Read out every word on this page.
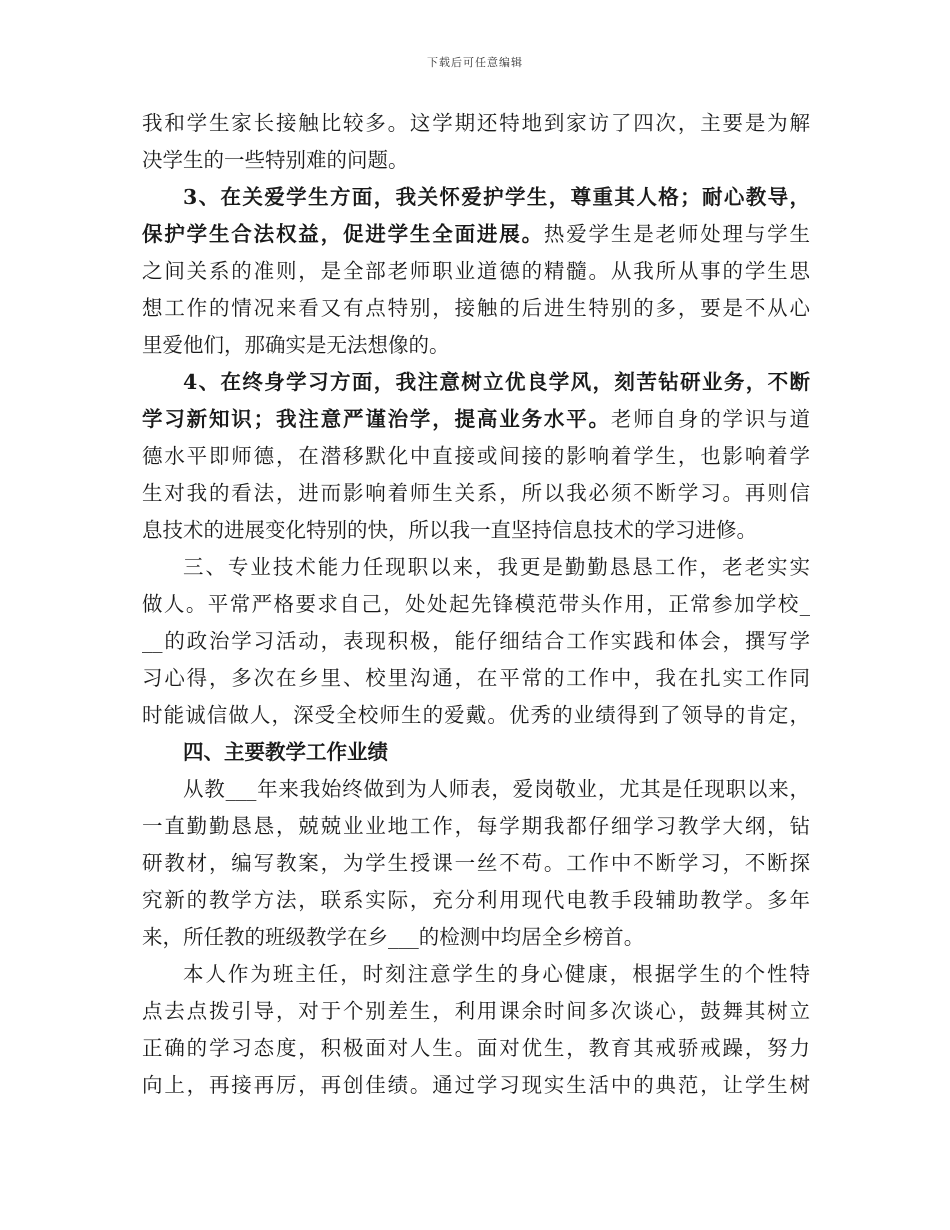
下载后可任意编辑
我和学生家长接触比较多。这学期还特地到家访了四次，主要是为解
决学生的一些特别难的问题。
3、在关爱学生方面，我关怀爱护学生，尊重其人格；耐心教导，
保护学生合法权益，促进学生全面进展。热爱学生是老师处理与学生
之间关系的准则，是全部老师职业道德的精髓。从我所从事的学生思
想工作的情况来看又有点特别，接触的后进生特别的多，要是不从心
里爱他们，那确实是无法想像的。
4、在终身学习方面，我注意树立优良学风，刻苦钻研业务，不断
学习新知识；我注意严谨治学，提高业务水平。老师自身的学识与道
德水平即师德，在潜移默化中直接或间接的影响着学生，也影响着学
生对我的看法，进而影响着师生关系，所以我必须不断学习。再则信
息技术的进展变化特别的快，所以我一直坚持信息技术的学习进修。
三、专业技术能力任现职以来，我更是勤勤恳恳工作，老老实实
做人。平常严格要求自己，处处起先锋模范带头作用，正常参加学校_
__的政治学习活动，表现积极，能仔细结合工作实践和体会，撰写学
习心得，多次在乡里、校里沟通，在平常的工作中，我在扎实工作同
时能诚信做人，深受全校师生的爱戴。优秀的业绩得到了领导的肯定，
四、主要教学工作业绩
从教___年来我始终做到为人师表，爱岗敬业，尤其是任现职以来，
一直勤勤恳恳，兢兢业业地工作，每学期我都仔细学习教学大纲，钻
研教材，编写教案，为学生授课一丝不苟。工作中不断学习，不断探
究新的教学方法，联系实际，充分利用现代电教手段辅助教学。多年
来，所任教的班级教学在乡___的检测中均居全乡榜首。
本人作为班主任，时刻注意学生的身心健康，根据学生的个性特
点去点拨引导，对于个别差生，利用课余时间多次谈心，鼓舞其树立
正确的学习态度，积极面对人生。面对优生，教育其戒骄戒躁，努力
向上，再接再厉，再创佳绩。通过学习现实生活中的典范，让学生树
